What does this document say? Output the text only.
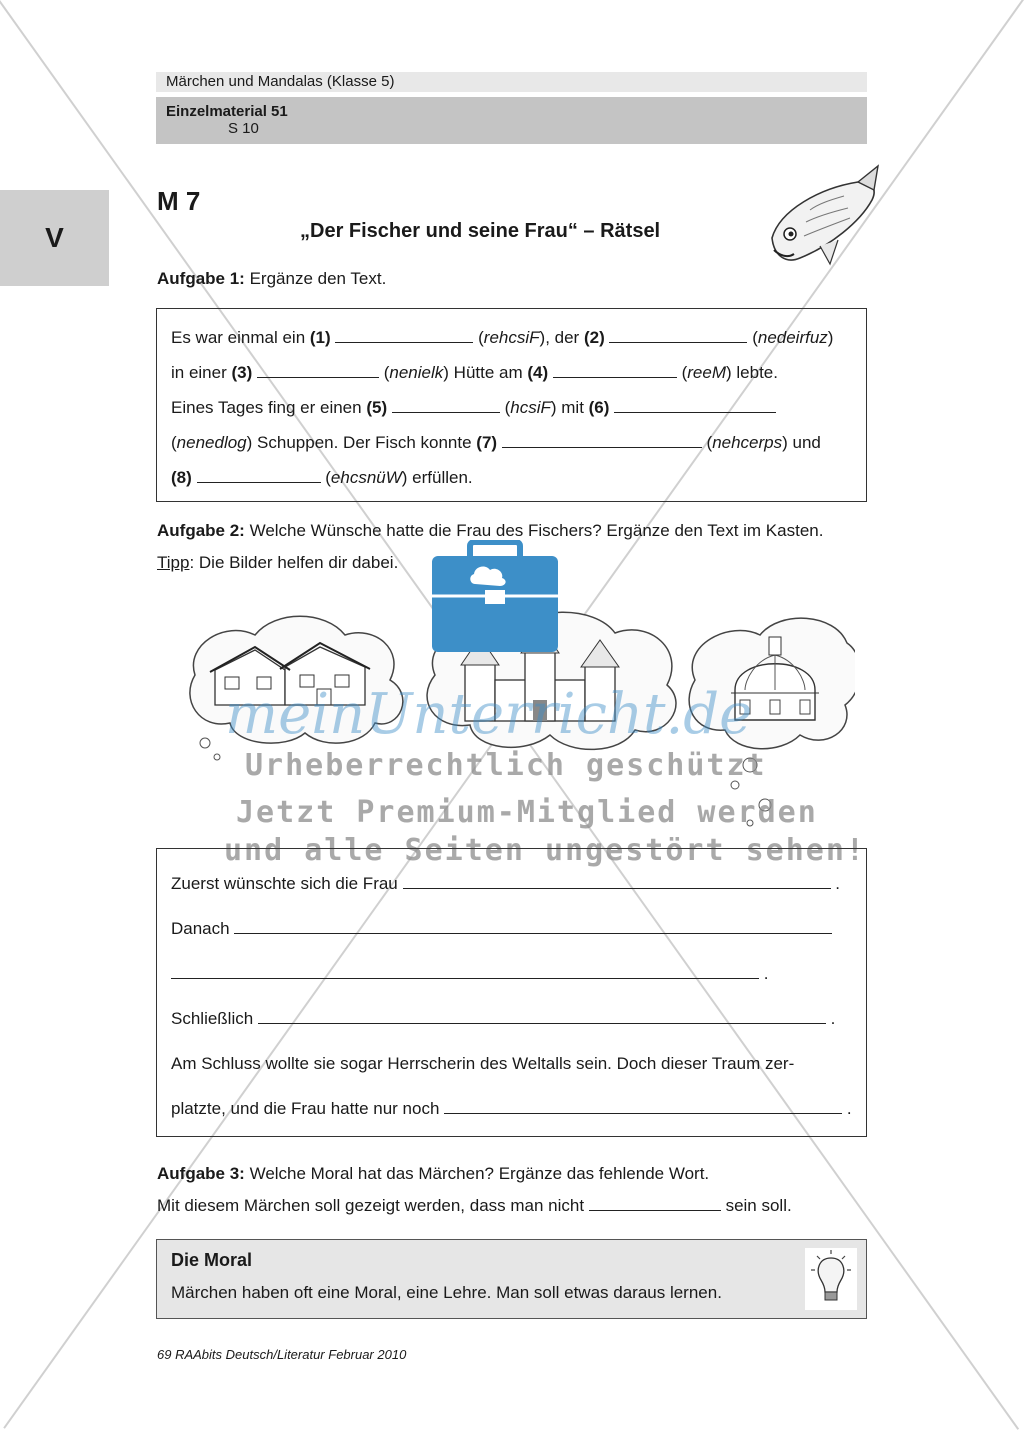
Märchen und Mandalas (Klasse 5)
Einzelmaterial 51
S 10
V
M 7
„Der Fischer und seine Frau“ – Rätsel
Aufgabe 1: Ergänze den Text.
Es war einmal ein (1)	(rehcsiF), der (2)	(nedeirfuz)
in einer (3)	(nenielk) Hütte am (4)	(reeM) lebte.
Eines Tages fing er einen (5)	(hcsiF) mit (6)
(nenedlog) Schuppen. Der Fisch konnte (7)	(nehcerps) und
(8)	(ehcsnüW) erfüllen.
Aufgabe 2: Welche Wünsche hatte die Frau des Fischers? Ergänze den Text im Kasten.
Tipp: Die Bilder helfen dir dabei.
meinUnterricht.de
Urheberrechtlich geschützt
Jetzt Premium-Mitglied werden
und alle Seiten ungestört sehen!
Zuerst wünschte sich die Frau	.
Danach
.
Schließlich	.
Am Schluss wollte sie sogar Herrscherin des Weltalls sein. Doch dieser Traum zer-
platzte, und die Frau hatte nur noch	.
Aufgabe 3: Welche Moral hat das Märchen? Ergänze das fehlende Wort.
Mit diesem Märchen soll gezeigt werden, dass man nicht	sein soll.
Die Moral
Märchen haben oft eine Moral, eine Lehre. Man soll etwas daraus lernen.
69 RAAbits Deutsch/Literatur Februar 2010
